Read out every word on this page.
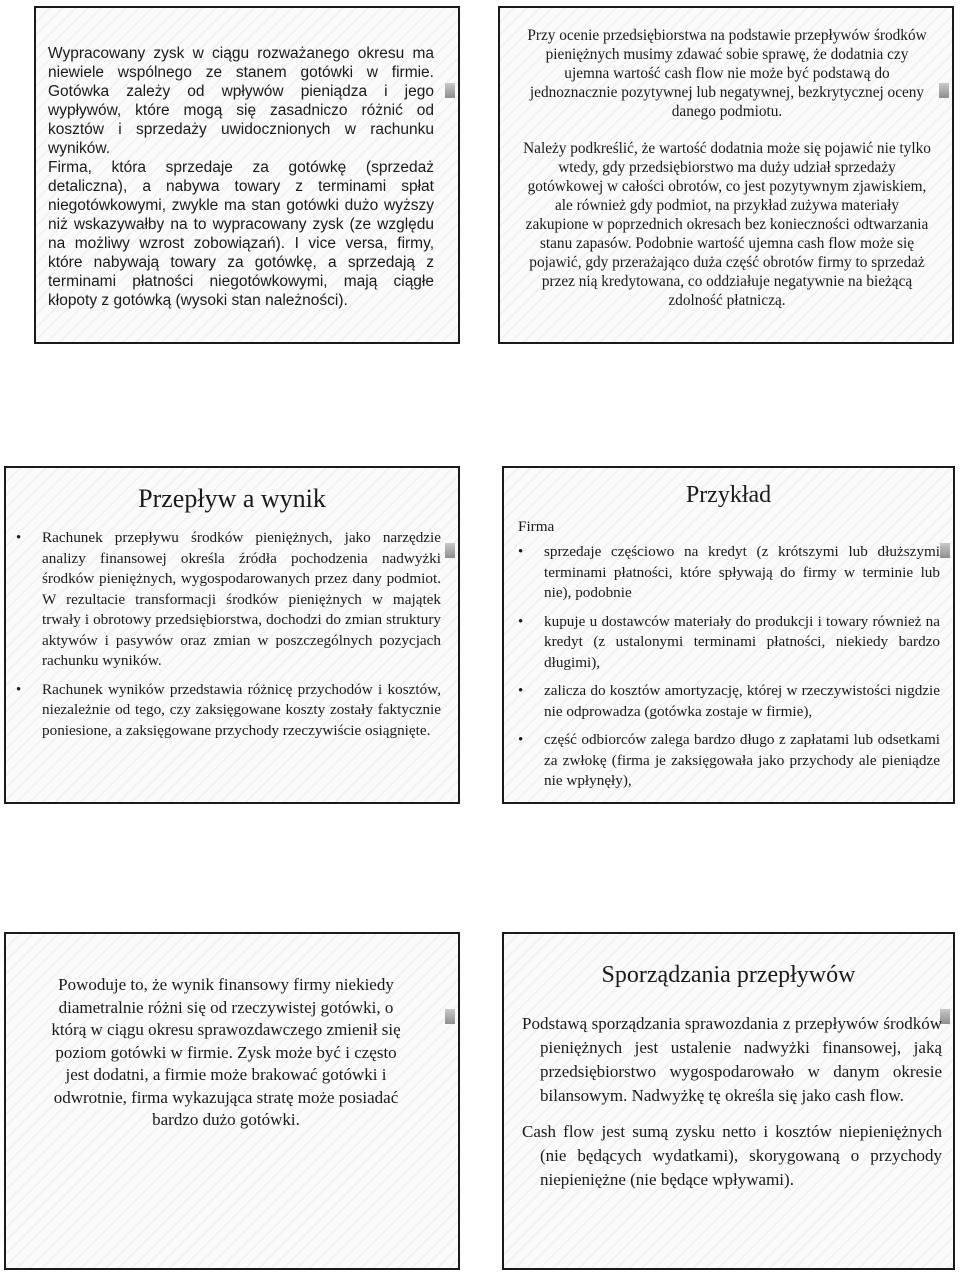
Wypracowany zysk w ciągu rozważanego okresu ma niewiele wspólnego ze stanem gotówki w firmie. Gotówka zależy od wpływów pieniądza i jego wypływów, które mogą się zasadniczo różnić od kosztów i sprzedaży uwidocznionych w rachunku wyników.

Firma, która sprzedaje za gotówkę (sprzedaż detaliczna), a nabywa towary z terminami spłat niegotówkowymi, zwykle ma stan gotówki dużo wyższy niż wskazywałby na to wypracowany zysk (ze względu na możliwy wzrost zobowiązań). I vice versa, firmy, które nabywają towary za gotówkę, a sprzedają z terminami płatności niegotówkowymi, mają ciągłe kłopoty z gotówką (wysoki stan należności).

Przy ocenie przedsiębiorstwa na podstawie przepływów środków pieniężnych musimy zdawać sobie sprawę, że dodatnia czy ujemna wartość cash flow nie może być podstawą do jednoznacznie pozytywnej lub negatywnej, bezkrytycznej oceny danego podmiotu.

Należy podkreślić, że wartość dodatnia może się pojawić nie tylko wtedy, gdy przedsiębiorstwo ma duży udział sprzedaży gotówkowej w całości obrotów, co jest pozytywnym zjawiskiem, ale również gdy podmiot, na przykład zużywa materiały zakupione w poprzednich okresach bez konieczności odtwarzania stanu zapasów. Podobnie wartość ujemna cash flow może się pojawić, gdy przerażająco duża część obrotów firmy to sprzedaż przez nią kredytowana, co oddziałuje negatywnie na bieżącą zdolność płatniczą.

Przepływ a wynik
• Rachunek przepływu środków pieniężnych, jako narzędzie analizy finansowej określa źródła pochodzenia nadwyżki środków pieniężnych, wygospodarowanych przez dany podmiot. W rezultacie transformacji środków pieniężnych w majątek trwały i obrotowy przedsiębiorstwa, dochodzi do zmian struktury aktywów i pasywów oraz zmian w poszczególnych pozycjach rachunku wyników.
• Rachunek wyników przedstawia różnicę przychodów i kosztów, niezależnie od tego, czy zaksięgowane koszty zostały faktycznie poniesione, a zaksięgowane przychody rzeczywiście osiągnięte.
Przykład

Firma

• sprzedaje częściowo na kredyt (z krótszymi lub dłuższymi terminami płatności, które spływają do firmy w terminie lub nie), podobnie
• kupuje u dostawców materiały do produkcji i towary również na kredyt (z ustalonymi terminami płatności, niekiedy bardzo długimi),
• zalicza do kosztów amortyzację, której w rzeczywistości nigdzie nie odprowadza (gotówka zostaje w firmie),
• część odbiorców zalega bardzo długo z zapłatami lub odsetkami za zwłokę (firma je zaksięgowała jako przychody ale pieniądze nie wpłynęły),

Powoduje to, że wynik finansowy firmy niekiedy diametralnie różni się od rzeczywistej gotówki, o którą w ciągu okresu sprawozdawczego zmienił się poziom gotówki w firmie. Zysk może być i często jest dodatni, a firmie może brakować gotówki i odwrotnie, firma wykazująca stratę może posiadać bardzo dużo gotówki.

Sporządzania przepływów

Podstawą sporządzania sprawozdania z przepływów środków pieniężnych jest ustalenie nadwyżki finansowej, jaką przedsiębiorstwo wygospodarowało w danym okresie bilansowym. Nadwyżkę tę określa się jako cash flow.

Cash flow jest sumą zysku netto i kosztów niepieniężnych (nie będących wydatkami), skorygowaną o przychody niepieniężne (nie będące wpływami).
